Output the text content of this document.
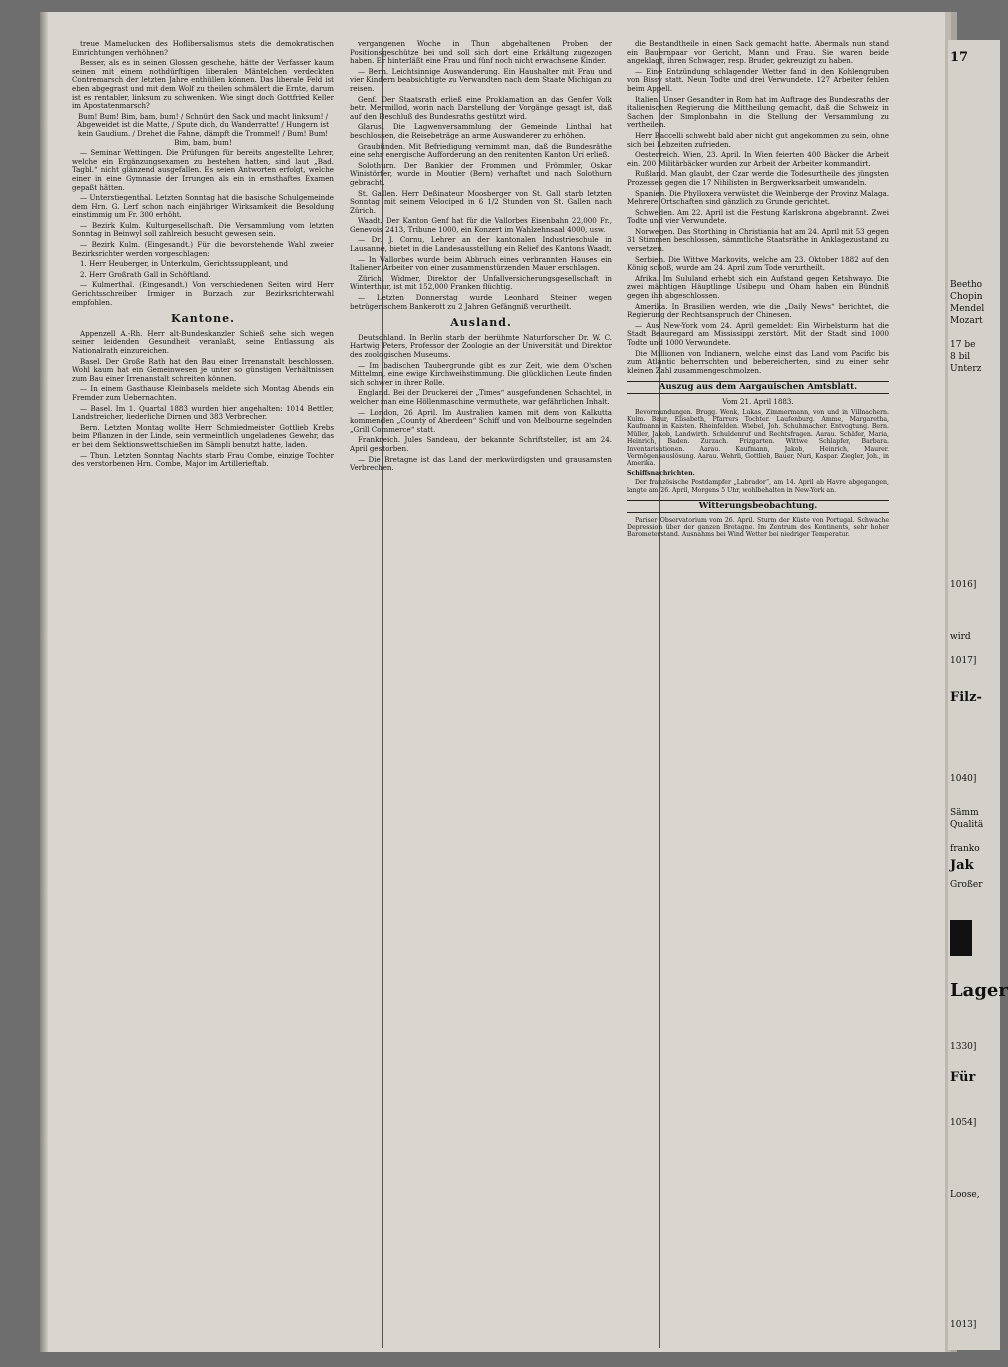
treue Mamelucken des Hoflibersalismus stets die demokratischen Einrichtungen verhöhnen?

Besser, als es in seinen Glossen geschehe, hätte der Verfasser kaum seinen mit einem nothdürftigen liberalen Mäntelchen verdeckten Contremarsch der letzten Jahre enthüllen können. Das liberale Feld ist eben abgegrast und mit dem Wolf zu theilen schmälert die Ernte, darum ist es rentabler, linksum zu schwenken. Wie singt doch Gottfried Keller im Apostatenmarsch?

Bum! Bum! Bim, bam, bum! / Schnürt den Sack und macht linksum! / Abgeweidet ist die Matte, / Spute dich, du Wanderratte! / Hungern ist kein Gaudium. / Drehet die Fahne, dämpft die Trommel! / Bum! Bum! Bim, bam, bum!

— Seminar Wettingen. Die Prüfungen für bereits angestellte Lehrer, welche ein Ergänzungsexamen zu bestehen hatten, sind laut „Bad. Tagbl.“ nicht glänzend ausgefallen. Es seien Antworten erfolgt, welche einer in eine Gymnasie der Irrungen als ein in ernsthaftes Examen gepaßt hätten.

— Unterstiegenthal. Letzten Sonntag hat die basische Schulgemeinde dem Hrn. G. Lerf schon nach einjähriger Wirksamkeit die Besoldung einstimmig um Fr. 300 erhöht.

— Bezirk Kulm. Kulturgesellschaft. Die Versammlung vom letzten Sonntag in Beinwyl soll zahlreich besucht gewesen sein.

— Bezirk Kulm. (Eingesandt.) Für die bevorstehende Wahl zweier Bezirksrichter werden vorgeschlagen:

1. Herr Heuberger, in Unterkulm, Gerichtssuppleant, und

2. Herr Großrath Gall in Schöftland.

— Kulmerthal. (Eingesandt.) Von verschiedenen Seiten wird Herr Gerichtsschreiber Irmiger in Burzach zur Bezirksrichterwahl empfohlen.

Kantone.

Appenzell A.-Rh. Herr alt-Bundeskanzler Schieß sehe sich wegen seiner leidenden Gesundheit veranlaßt, seine Entlassung als Nationalrath einzureichen.

Basel. Der Große Rath hat den Bau einer Irrenanstalt beschlossen. Wohl kaum hat ein Gemeinwesen je unter so günstigen Verhältnissen zum Bau einer Irrenanstalt schreiten können.

— In einem Gasthause Kleinbasels meldete sich Montag Abends ein Fremder zum Uebernachten.

— Basel. Im 1. Quartal 1883 wurden hier angehalten: 1014 Bettler, Landstreicher, liederliche Dirnen und 383 Verbrecher.

Bern. Letzten Montag wollte Herr Schmiedmeister Gottlieb Krebs beim Pflanzen in der Linde, sein vermeintlich ungeladenes Gewehr, das er bei dem Sektionswettschießen im Sämpli benutzt hatte, laden.

— Thun. Letzten Sonntag Nachts starb Frau Combe, einzige Tochter des verstorbenen Hrn. Combe, Major im Artillerieftab.

vergangenen Woche in Thun abgehaltenen Proben der Positionsgeschütze bei und soll sich dort eine Erkältung zugezogen haben. Er hinterläßt eine Frau und fünf noch nicht erwachsene Kinder.

— Bern. Leichtsinnige Auswanderung. Ein Haushalter mit Frau und vier Kindern beabsichtigte zu Verwandten nach dem Staate Michigan zu reisen.

Genf. Der Staatsrath erließ eine Proklamation an das Genfer Volk betr. Mermillod, worin nach Darstellung der Vorgänge gesagt ist, daß auf den Beschluß des Bundesraths gestützt wird.

Glarus. Die Lagwenversammlung der Gemeinde Linthal hat beschlossen, die Reisebeträge an arme Auswanderer zu erhöhen.

Graubünden. Mit Befriedigung vernimmt man, daß die Bundesräthe eine sehr energische Aufforderung an den renitenten Kanton Uri erließ.

Solothurn. Der Bankier der Frommen und Frömmler, Oskar Winistörfer, wurde in Moutier (Bern) verhaftet und nach Solothurn gebracht.

St. Gallen. Herr Deßinateur Moosberger von St. Gall starb letzten Sonntag mit seinem Velociped in 6 1/2 Stunden von St. Gallen nach Zürich.

Waadt. Der Kanton Genf hat für die Vallorbes Eisenbahn 22,000 Fr., Genevois 2413, Tribune 1000, ein Konzert im Wahlzehnsaal 4000, usw.

— Dr. J. Cornu, Lehrer an der kantonalen Industrieschule in Lausanne, bietet in die Landesausstellung ein Relief des Kantons Waadt.

— In Vallorbes wurde beim Abbruch eines verbrannten Hauses ein Italiener Arbeiter von einer zusammenstürzenden Mauer erschlagen.

Zürich. Widmer, Direktor der Unfallversicherungsgesellschaft in Winterthur, ist mit 152,000 Franken flüchtig.

— Letzten Donnerstag wurde Leonhard Steiner wegen betrügerischem Bankerott zu 2 Jahren Gefängniß verurtheilt.

Ausland.

Deutschland. In Berlin starb der berühmte Naturforscher Dr. W. C. Hartwig Peters, Professor der Zoologie an der Universität und Direktor des zoologischen Museums.

— Im badischen Taubergrunde gibt es zur Zeit, wie dem O'schen Mittelmn, eine ewige Kirchweihstimmung. Die glücklichen Leute finden sich schwer in ihrer Rolle.

England. Bei der Druckerei der „Times“ ausgefundenen Schachtel, in welcher man eine Höllenmaschine vermuthete, war gefährlichen Inhalt.

— London, 26 April. Im Australien kamen mit dem von Kalkutta kommenden „County of Aberdeen“ Schiff und von Melbourne segelnden „Grill Commerce“ statt.

Frankreich. Jules Sandeau, der bekannte Schriftsteller, ist am 24. April gestorben.

— Die Bretagne ist das Land der merkwürdigsten und grausamsten Verbrechen.

die Bestandtheile in einen Sack gemacht hatte. Abermals nun stand ein Bauernpaar vor Gericht, Mann und Frau. Sie waren beide angeklagt, ihren Schwager, resp. Bruder, gekreuzigt zu haben.

— Eine Entzündung schlagender Wetter fand in den Kohlengruben von Bissy statt. Neun Todte und drei Verwundete. 127 Arbeiter fehlen beim Appell.

Italien. Unser Gesandter in Rom hat im Auftrage des Bundesraths der italienischen Regierung die Mittheilung gemacht, daß die Schweiz in Sachen der Simplonbahn in die Stellung der Versammlung zu vertheilen.

Herr Baccelli schwebt bald aber nicht gut angekommen zu sein, ohne sich bei Lebzeiten zufrieden.

Oesterreich. Wien, 23. April. In Wien feierten 400 Bäcker die Arbeit ein. 200 Militärbäcker wurden zur Arbeit der Arbeiter kommandirt.

Rußland. Man glaubt, der Czar werde die Todesurtheile des jüngsten Prozesses gegen die 17 Nihilisten in Bergwerksarbeit umwandeln.

Spanien. Die Phylloxera verwüstet die Weinberge der Provinz Malaga. Mehrere Ortschaften sind gänzlich zu Grunde gerichtet.

Schweden. Am 22. April ist die Festung Karlskrona abgebrannt. Zwei Todte und vier Verwundete.

Norwegen. Das Storthing in Christiania hat am 24. April mit 53 gegen 31 Stimmen beschlossen, sämmtliche Staatsräthe in Anklagezustand zu versetzen.

Serbien. Die Wittwe Markovits, welche am 23. Oktober 1882 auf den König schoß, wurde am 24. April zum Tode verurtheilt.

Afrika. Im Sululand erhebt sich ein Aufstand gegen Ketshwayo. Die zwei mächtigen Häuptlinge Usibepu und Oham haben ein Bündniß gegen ihn abgeschlossen.

Amerika. In Brasilien werden, wie die „Daily News“ berichtet, die Regierung der Rechtsanspruch der Chinesen.

— Aus New-York vom 24. April gemeldet: Ein Wirbelsturm hat die Stadt Beauregard am Mississippi zerstört. Mit der Stadt sind 1000 Todte und 1000 Verwundete.

Die Millionen von Indianern, welche einst das Land vom Pacific bis zum Atlantic beherrschten und bebereicherten, sind zu einer sehr kleinen Zahl zusammengeschmolzen.

Auszug aus dem Aargauischen Amtsblatt.

Vom 21. April 1883.

Bevormundungen. Brugg. Wenk, Lukas, Zimmermann, von und in Villnachern. Kulm. Baur, Elisabeth, Pfarrers Tochter. Laufenburg. Amme, Margaretha, Kaufmann in Kaisten. Rheinfelden. Wiebel, Joh. Schuhmacher. Entvogtung. Bern. Müller, Jakob, Landwirth. Schuldenruf und Rechtsfragen. Aarau. Schäfer, Maria, Heinrich, Baden. Zurzach. Frizgarten. Wittwe Schlapfer, Barbara. Inventarisationen. Aarau. Kaufmann, Jakob, Heinrich, Maurer. Vermögensauslösung. Aarau. Wehrli, Gottlieb, Bauer, Nuri, Kaspar. Ziegler, Joh., in Amerika.

Schiffsnachrichten.

Der französische Postdampfer „Labrador“, am 14. April ab Havre abgegangen, langte am 26. April, Morgens 5 Uhr, wohlbehalten in New-York an.

Witterungsbeobachtung.

Pariser Observatorium vom 26. April. Sturm der Küste von Portugal. Schwache Depression über der ganzen Bretagne. Im Zentrum des Kontinents, sehr hoher Barometerstand. Ausnahms bei Wind Wetter bei niedriger Temperatur.

17
Beetho
Chopin
Mendel
Mozart
17 be
8 bil
Unterz
1016]
wird
1017]
Filz-
1040]
Sämm
Qualitä
franko
Jak
Großer
Lager
1330]
Für
1054]
Loose,
1013]
